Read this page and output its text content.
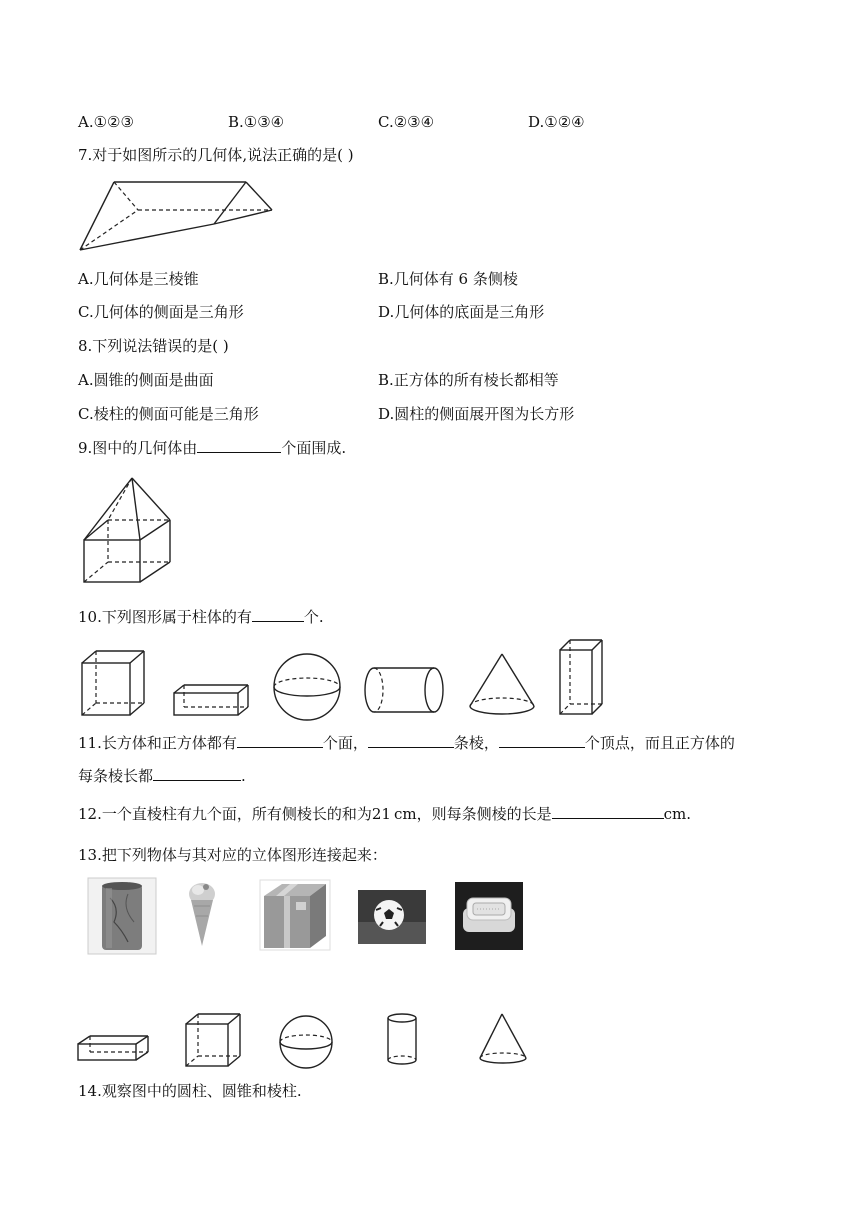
A.①②③	B.①③④	C.②③④	D.①②④
7.对于如图所示的几何体,说法正确的是( )
A.几何体是三棱锥	B.几何体有 6 条侧棱
C.几何体的侧面是三角形	D.几何体的底面是三角形
8.下列说法错误的是( )
A.圆锥的侧面是曲面	B.正方体的所有棱长都相等
C.棱柱的侧面可能是三角形	D.圆柱的侧面展开图为长方形
9.图中的几何体由	个面围成.
10.下列图形属于柱体的有	个.
11.长方体和正方体都有	个面，	条棱，	个顶点，而且正方体的
每条棱长都	.
12.一个直棱柱有九个面，所有侧棱长的和为21 cm，则每条侧棱的长是	cm.
13.把下列物体与其对应的立体图形连接起来：
14.观察图中的圆柱、圆锥和棱柱.
